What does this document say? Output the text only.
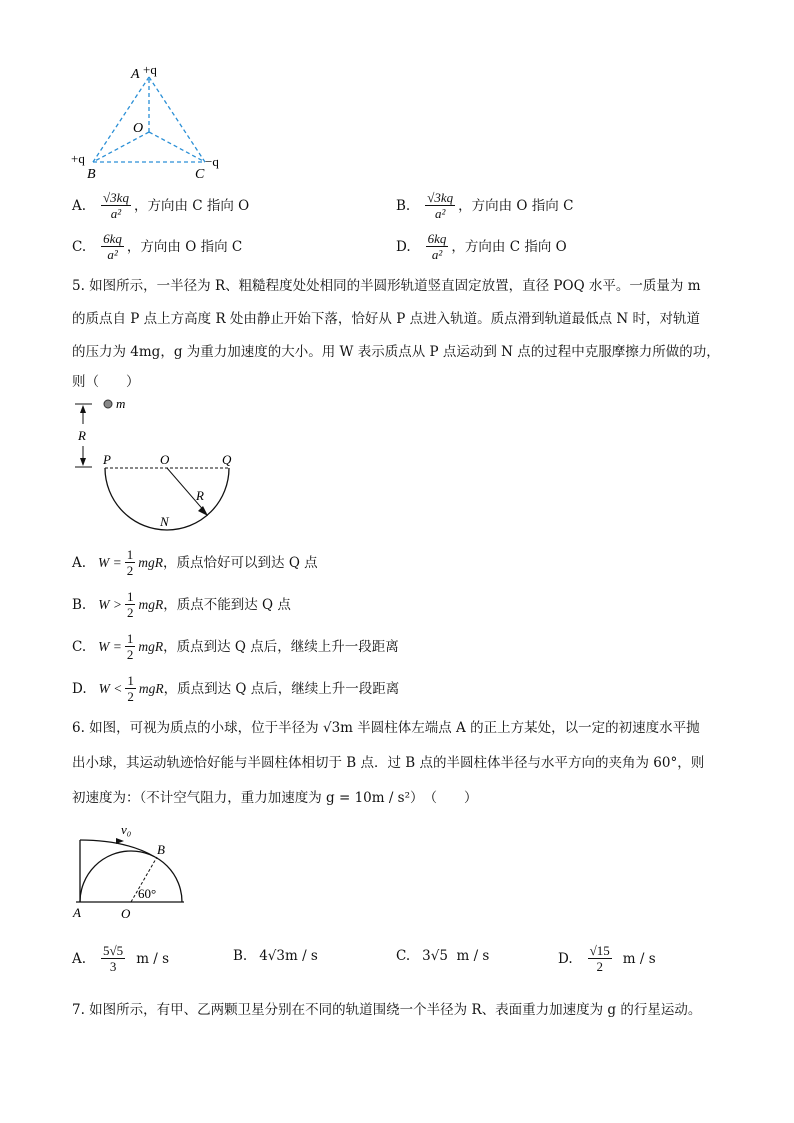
A +q
O
+q
B
−q
C
A. $\frac{√3kq}{\text{a²}}$ ，方向由 C 指向 O	B. $\frac{√3kq}{\text{a²}}$ ，方向由 O 指向 C
C. $\frac{6kq}{\text{a²}}$ ，方向由 O 指向 C	D. $\frac{6kq}{\text{a²}}$ ，方向由 C 指向 O
5. 如图所示，一半径为 R、粗糙程度处处相同的半圆形轨道竖直固定放置，直径 POQ 水平。一质量为 m
的质点自 P 点上方高度 R 处由静止开始下落，恰好从 P 点进入轨道。质点滑到轨道最低点 N 时，对轨道
的压力为 4mg，g 为重力加速度的大小。用 W 表示质点从 P 点运动到 N 点的过程中克服摩擦力所做的功，
则（　　）
R
m
P	O	Q
R
N
A. $W = \frac{1}{2}$ mgR ，质点恰好可以到达 Q 点
B. $W > \frac{1}{2}$ mgR ，质点不能到达 Q 点
C. $W = \frac{1}{2}$ mgR ，质点到达 Q 点后，继续上升一段距离
D. $W < \frac{1}{2}$ mgR ，质点到达 Q 点后，继续上升一段距离
6. 如图，可视为质点的小球，位于半径为 √3m 半圆柱体左端点 A 的正上方某处，以一定的初速度水平抛
出小球，其运动轨迹恰好能与半圆柱体相切于 B 点．过 B 点的半圆柱体半径与水平方向的夹角为 60°，则
初速度为：（不计空气阻力，重力加速度为 g = 10m / s²）　（　　）
v₀
B
60°
A	O
A. $\frac{5√5}{3}$ m / s	B. 4√3m / s	C. 3√5  m / s	D. $\frac{√15}{2}$ m / s
7. 如图所示，有甲、乙两颗卫星分别在不同的轨道围绕一个半径为 R、表面重力加速度为 g 的行星运动。
